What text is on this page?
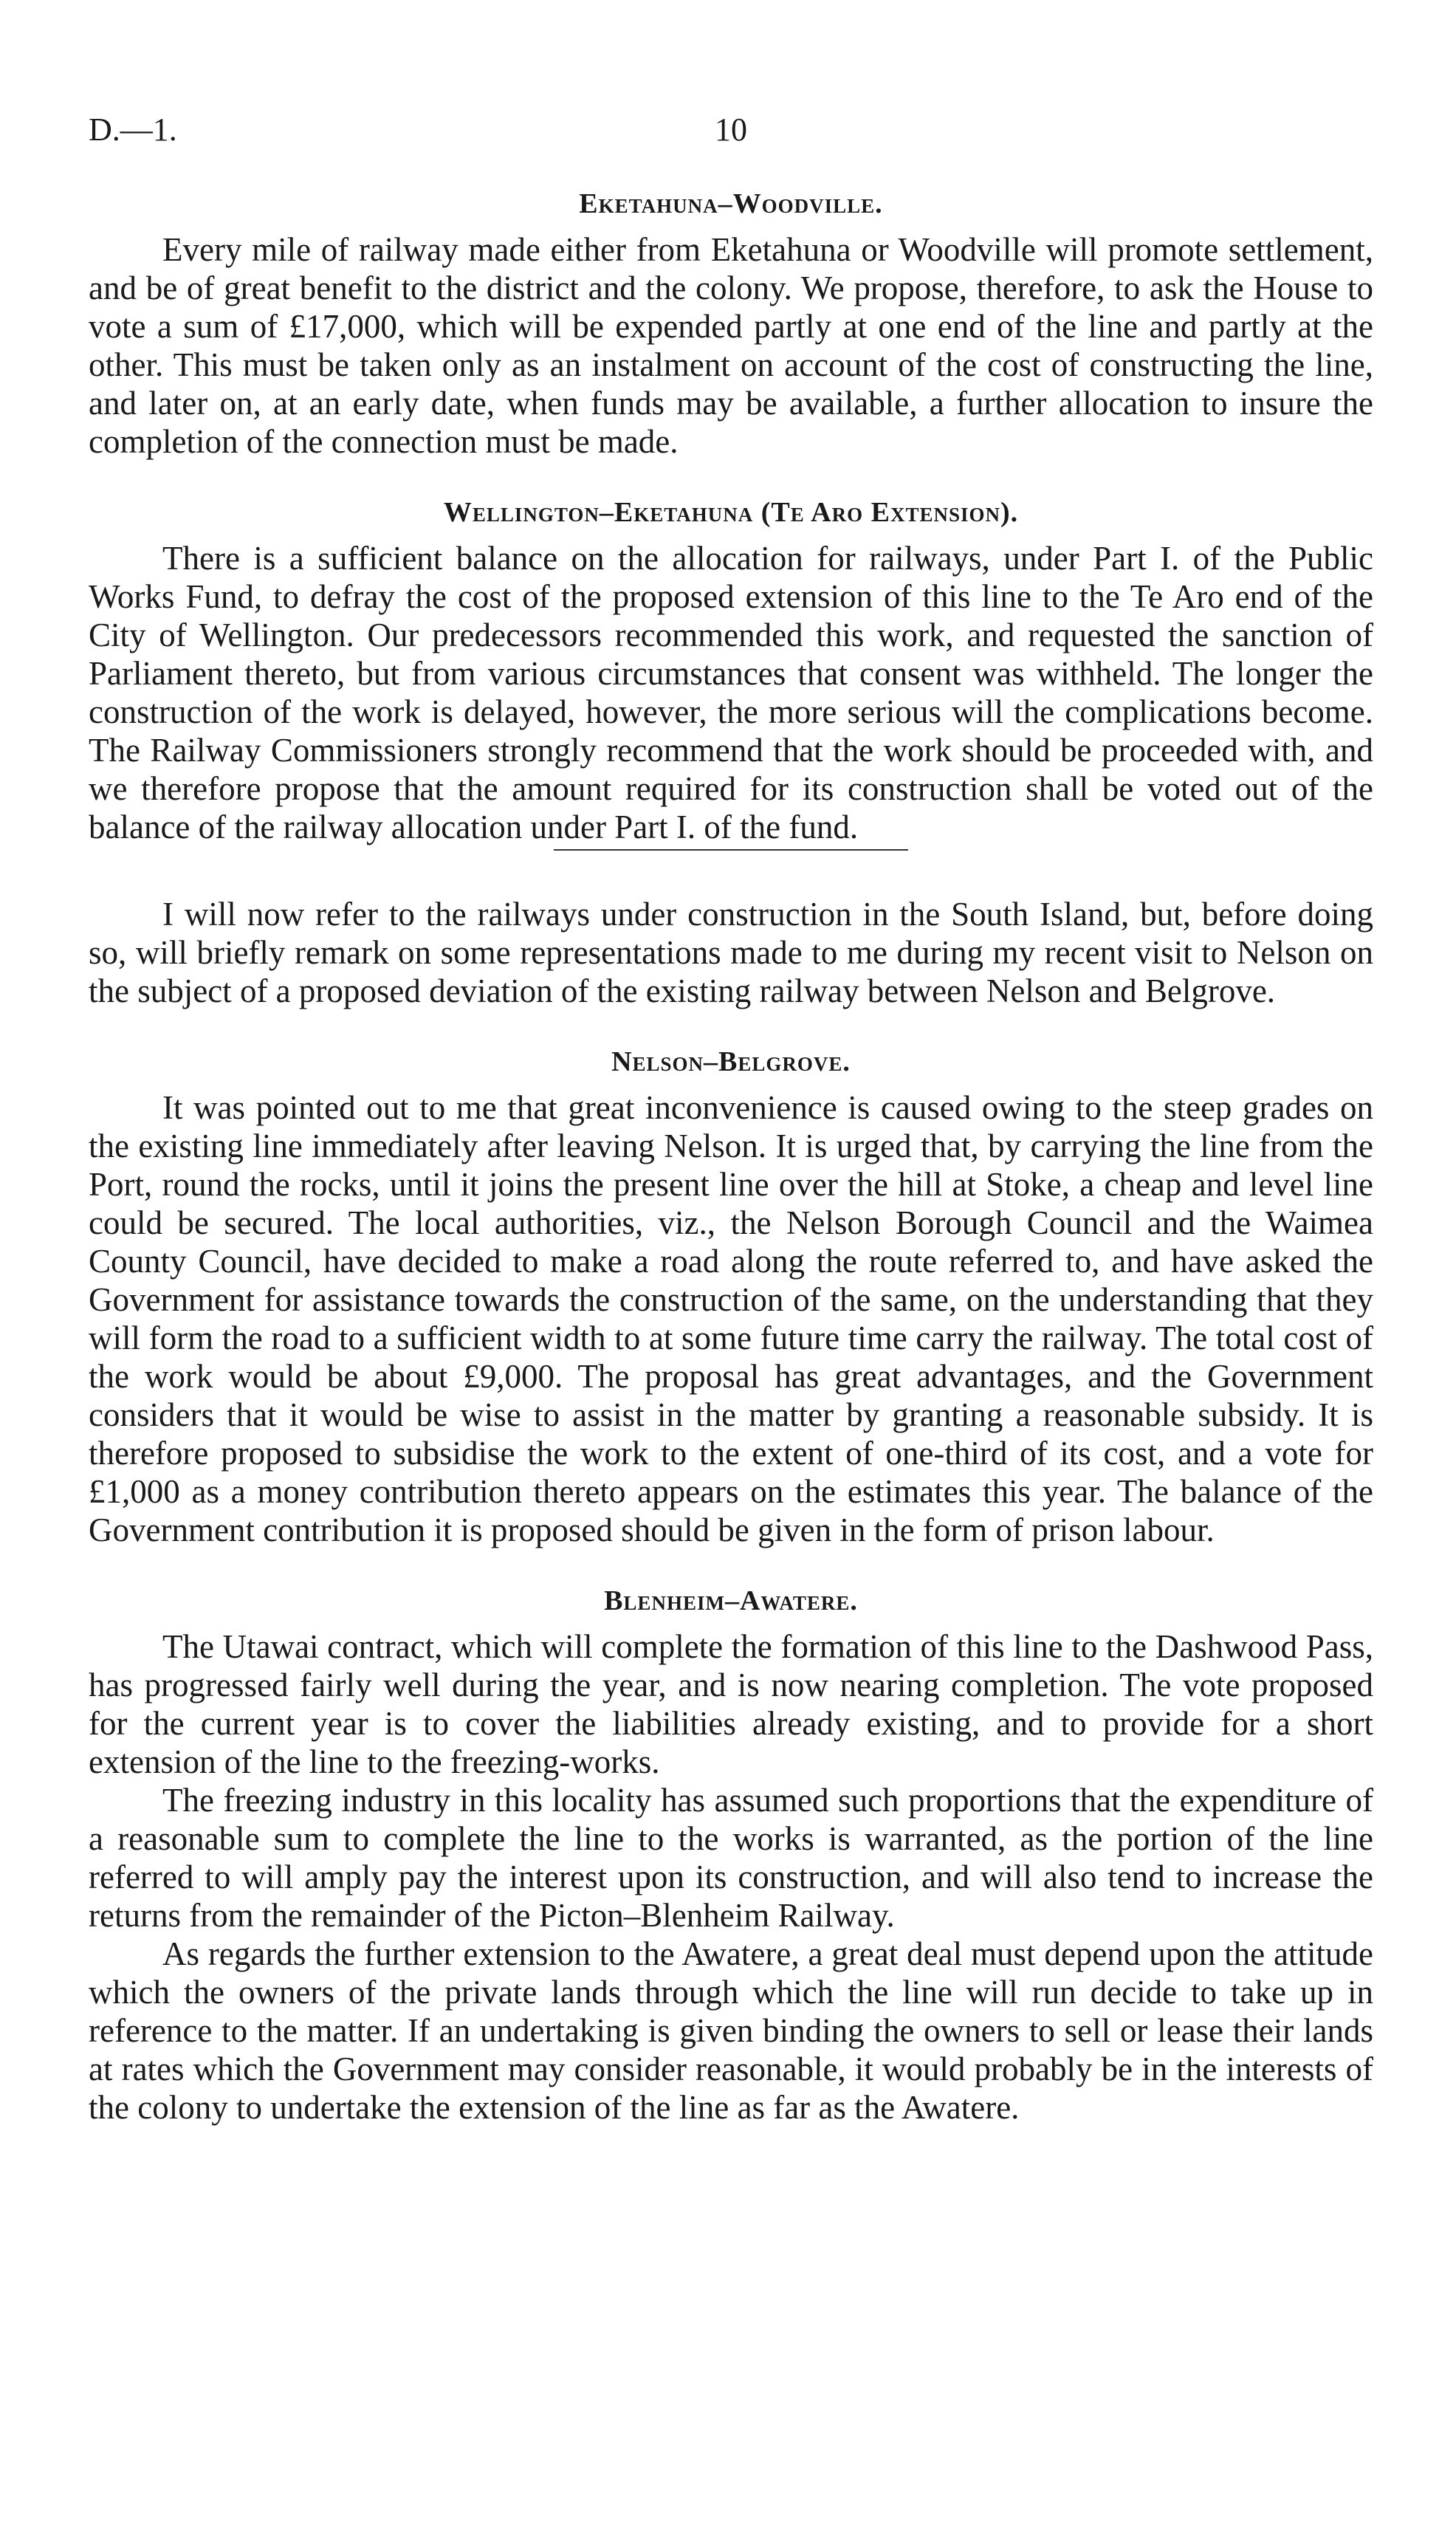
D.—1.	10
Eketahuna–Woodville.

Every mile of railway made either from Eketahuna or Woodville will promote settlement, and be of great benefit to the district and the colony. We propose, therefore, to ask the House to vote a sum of £17,000, which will be expended partly at one end of the line and partly at the other. This must be taken only as an instalment on account of the cost of constructing the line, and later on, at an early date, when funds may be available, a further allocation to insure the completion of the connection must be made.

Wellington–Eketahuna (Te Aro Extension).

There is a sufficient balance on the allocation for railways, under Part I. of the Public Works Fund, to defray the cost of the proposed extension of this line to the Te Aro end of the City of Wellington. Our predecessors recommended this work, and requested the sanction of Parliament thereto, but from various circumstances that consent was withheld. The longer the construction of the work is delayed, however, the more serious will the complications become. The Railway Commissioners strongly recommend that the work should be proceeded with, and we therefore propose that the amount required for its construction shall be voted out of the balance of the railway allocation under Part I. of the fund.

I will now refer to the railways under construction in the South Island, but, before doing so, will briefly remark on some representations made to me during my recent visit to Nelson on the subject of a proposed deviation of the existing railway between Nelson and Belgrove.

Nelson–Belgrove.

It was pointed out to me that great inconvenience is caused owing to the steep grades on the existing line immediately after leaving Nelson. It is urged that, by carrying the line from the Port, round the rocks, until it joins the present line over the hill at Stoke, a cheap and level line could be secured. The local authorities, viz., the Nelson Borough Council and the Waimea County Council, have decided to make a road along the route referred to, and have asked the Government for assistance towards the construction of the same, on the understanding that they will form the road to a sufficient width to at some future time carry the railway. The total cost of the work would be about £9,000. The proposal has great advantages, and the Government considers that it would be wise to assist in the matter by granting a reasonable subsidy. It is therefore proposed to subsidise the work to the extent of one-third of its cost, and a vote for £1,000 as a money contribution thereto appears on the estimates this year. The balance of the Government contribution it is proposed should be given in the form of prison labour.

Blenheim–Awatere.

The Utawai contract, which will complete the formation of this line to the Dashwood Pass, has progressed fairly well during the year, and is now nearing completion. The vote proposed for the current year is to cover the liabilities already existing, and to provide for a short extension of the line to the freezing-works.

The freezing industry in this locality has assumed such proportions that the expenditure of a reasonable sum to complete the line to the works is warranted, as the portion of the line referred to will amply pay the interest upon its construction, and will also tend to increase the returns from the remainder of the Picton–Blenheim Railway.

As regards the further extension to the Awatere, a great deal must depend upon the attitude which the owners of the private lands through which the line will run decide to take up in reference to the matter. If an undertaking is given binding the owners to sell or lease their lands at rates which the Government may consider reasonable, it would probably be in the interests of the colony to undertake the extension of the line as far as the Awatere.
